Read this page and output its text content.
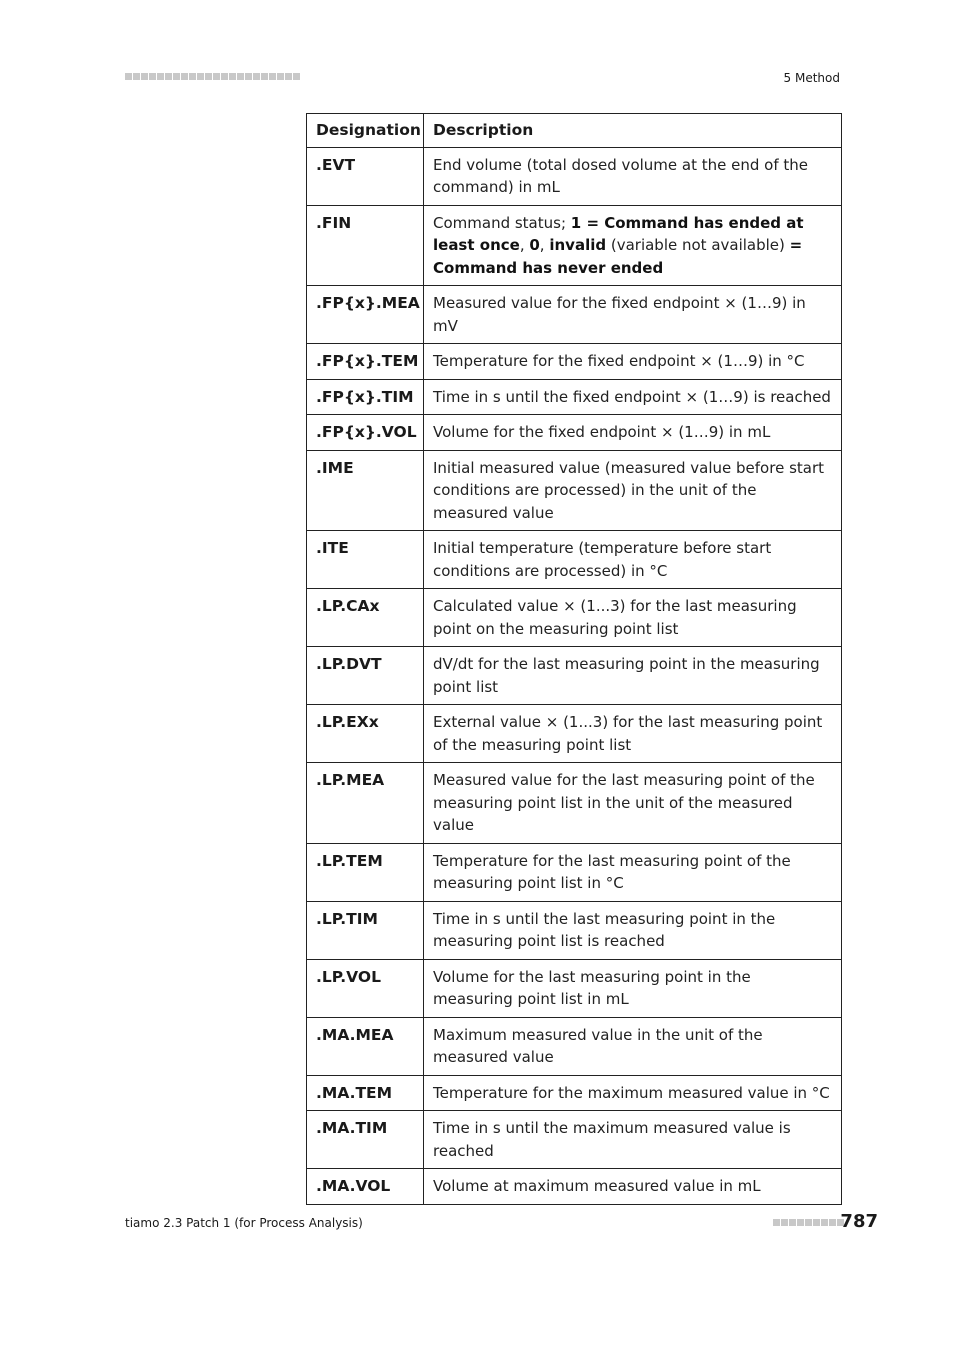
5 Method
Designation	Description
.EVT	End volume (total dosed volume at the end of the command) in mL
.FIN	Command status; 1 = Command has ended at least once, 0, invalid (variable not available) = Command has never ended
.FP{x}.MEA	Measured value for the fixed endpoint × (1…9) in mV
.FP{x}.TEM	Temperature for the fixed endpoint × (1…9) in °C
.FP{x}.TIM	Time in s until the fixed endpoint × (1…9) is reached
.FP{x}.VOL	Volume for the fixed endpoint × (1…9) in mL
.IME	Initial measured value (measured value before start conditions are processed) in the unit of the measured value
.ITE	Initial temperature (temperature before start conditions are processed) in °C
.LP.CAx	Calculated value × (1...3) for the last measuring point on the measuring point list
.LP.DVT	dV/dt for the last measuring point in the measuring point list
.LP.EXx	External value × (1...3) for the last measuring point of the measuring point list
.LP.MEA	Measured value for the last measuring point of the measuring point list in the unit of the measured value
.LP.TEM	Temperature for the last measuring point of the measuring point list in °C
.LP.TIM	Time in s until the last measuring point in the measuring point list is reached
.LP.VOL	Volume for the last measuring point in the measuring point list in mL
.MA.MEA	Maximum measured value in the unit of the measured value
.MA.TEM	Temperature for the maximum measured value in °C
.MA.TIM	Time in s until the maximum measured value is reached
.MA.VOL	Volume at maximum measured value in mL
tiamo 2.3 Patch 1 (for Process Analysis)	787
